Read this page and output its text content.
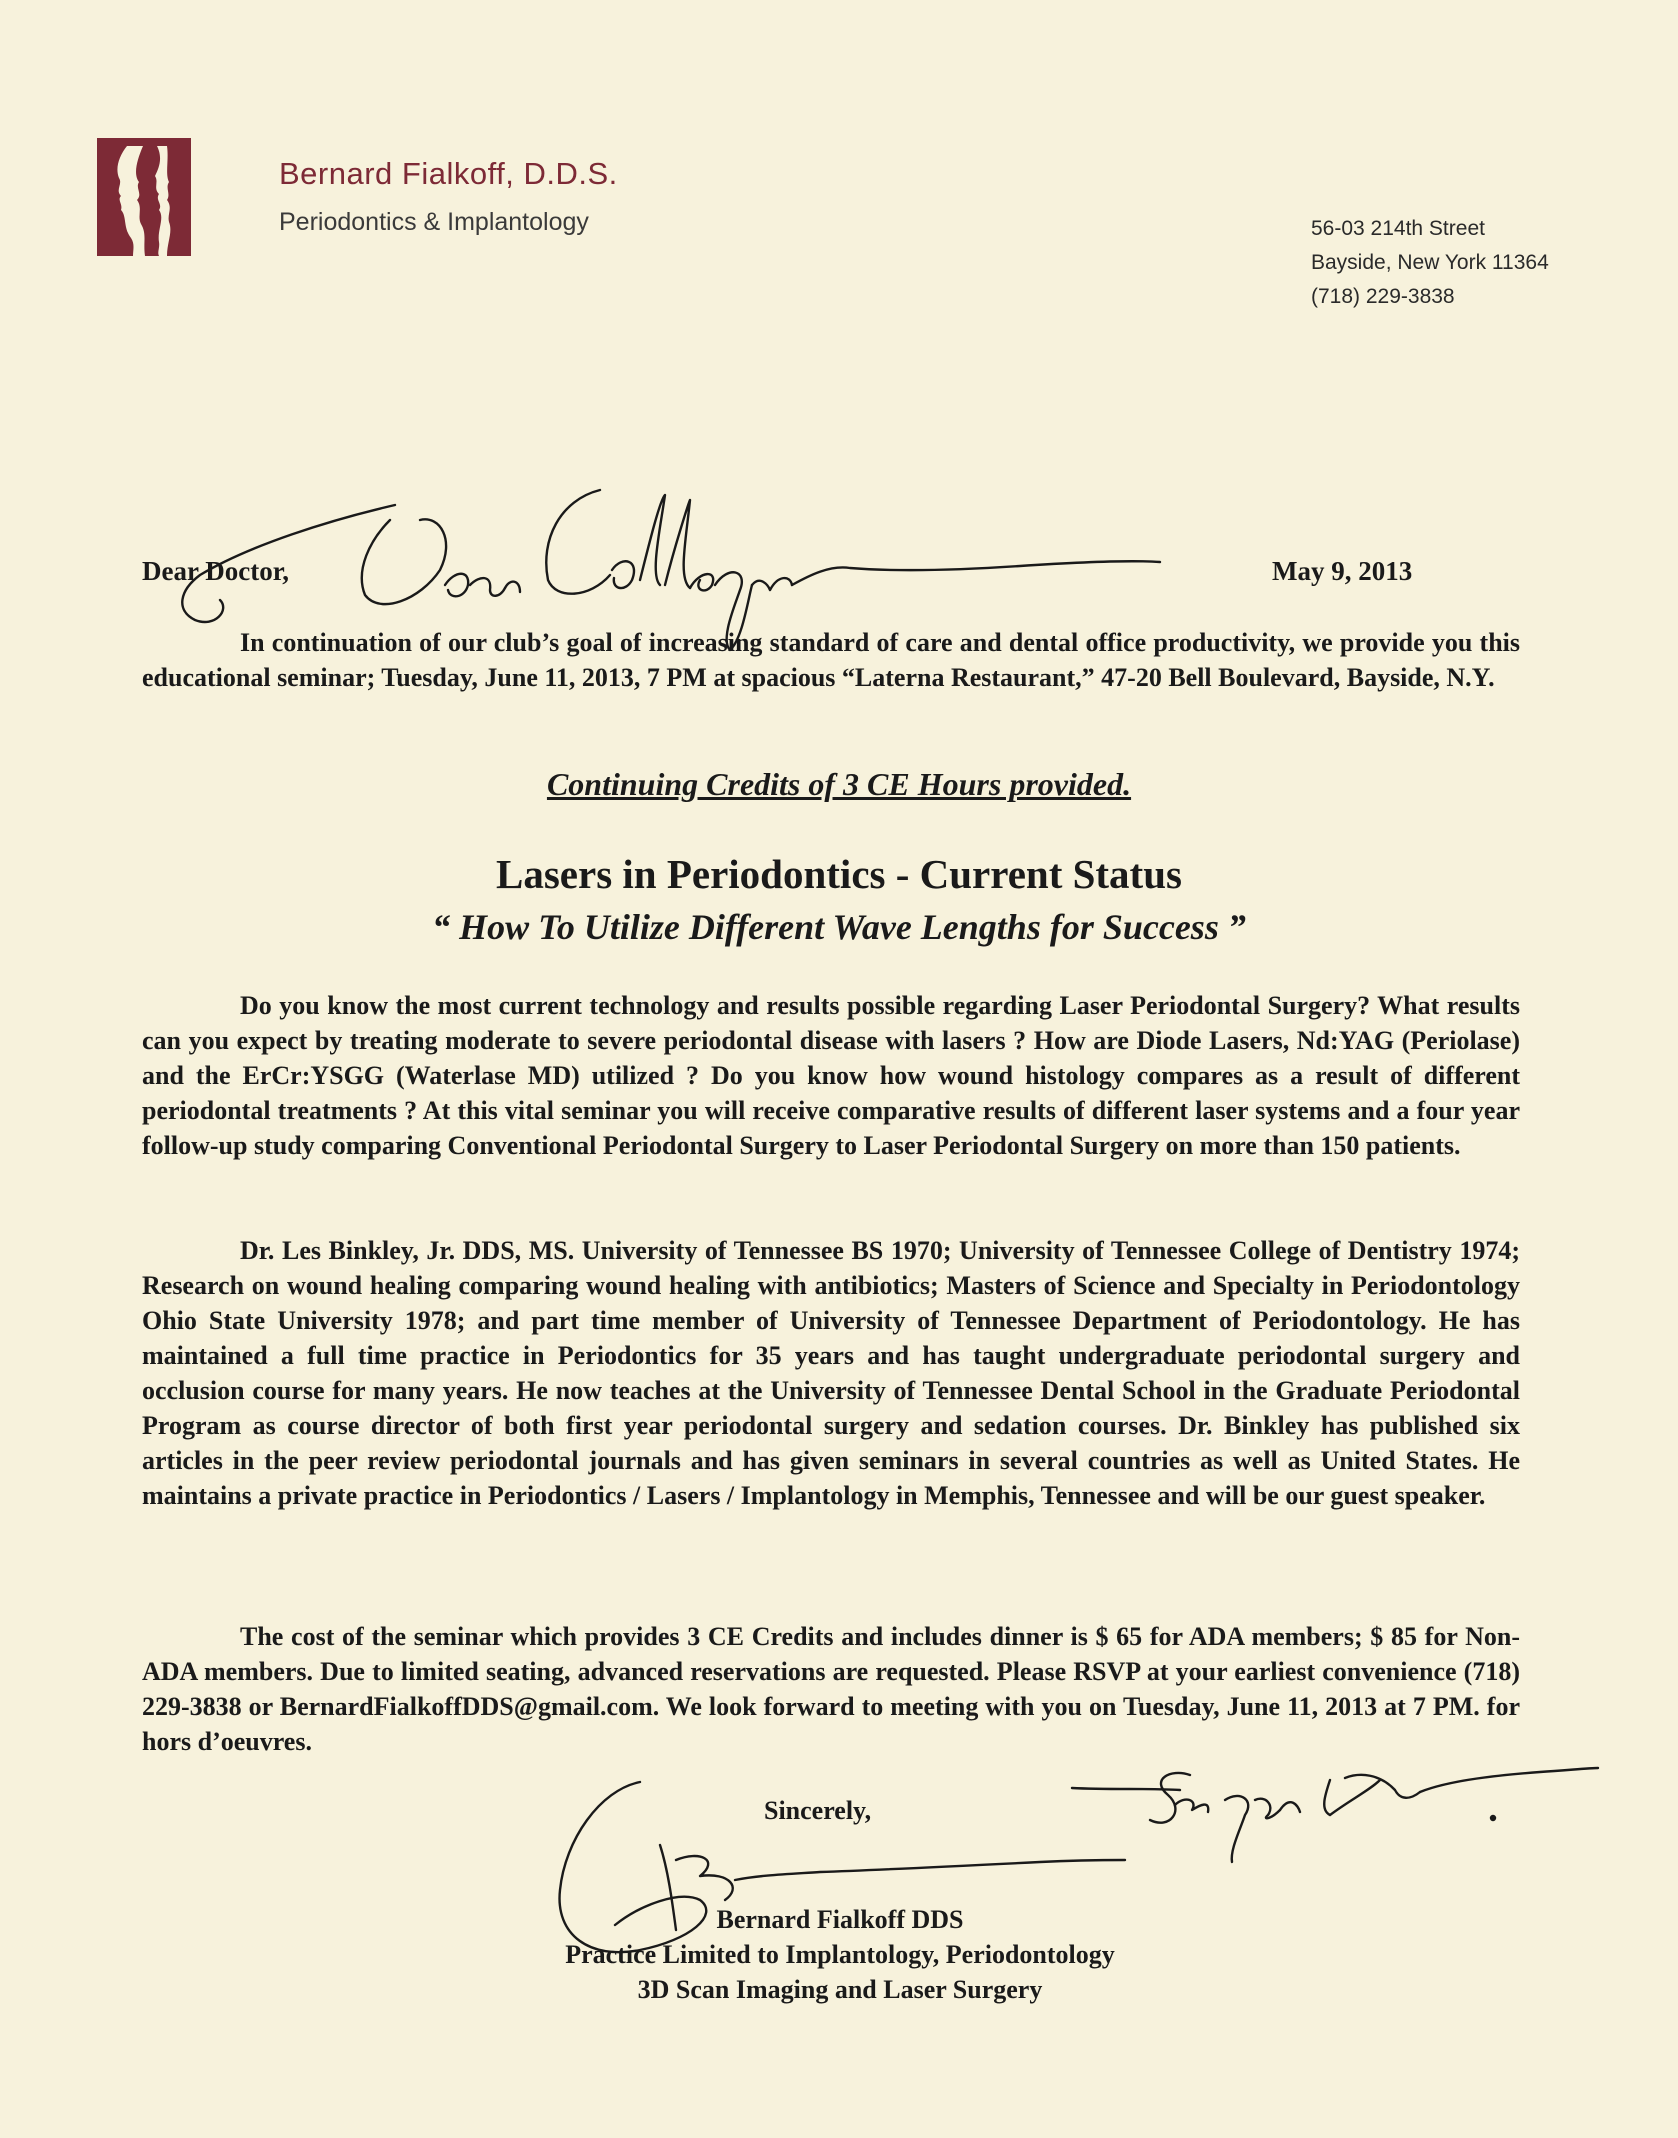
Bernard Fialkoff, D.D.S.
Periodontics & Implantology	56-03 214th Street
Bayside, New York 11364
(718) 229-3838
Dear Doctor,	May 9, 2013
In continuation of our club’s goal of increasing standard of care and dental office productivity, we provide you this educational seminar; Tuesday, June 11, 2013, 7 PM at spacious “Laterna Restaurant,” 47-20 Bell Boulevard, Bayside, N.Y.
Continuing Credits of 3 CE Hours provided.
Lasers in Periodontics - Current Status
“ How To Utilize Different Wave Lengths for Success ”
Do you know the most current technology and results possible regarding Laser Periodontal Surgery? What results can you expect by treating moderate to severe periodontal disease with lasers ? How are Diode Lasers, Nd:YAG (Periolase) and the ErCr:YSGG (Waterlase MD) utilized ? Do you know how wound histology compares as a result of different periodontal treatments ? At this vital seminar you will receive comparative results of different laser systems and a four year follow-up study comparing Conventional Periodontal Surgery to Laser Periodontal Surgery on more than 150 patients.
Dr. Les Binkley, Jr. DDS, MS. University of Tennessee BS 1970; University of Tennessee College of Dentistry 1974; Research on wound healing comparing wound healing with antibiotics; Masters of Science and Specialty in Periodontology Ohio State University 1978; and part time member of University of Tennessee Department of Periodontology. He has maintained a full time practice in Periodontics for 35 years and has taught undergraduate periodontal surgery and occlusion course for many years. He now teaches at the University of Tennessee Dental School in the Graduate Periodontal Program as course director of both first year periodontal surgery and sedation courses. Dr. Binkley has published six articles in the peer review periodontal journals and has given seminars in several countries as well as United States. He maintains a private practice in Periodontics / Lasers / Implantology in Memphis, Tennessee and will be our guest speaker.
The cost of the seminar which provides 3 CE Credits and includes dinner is $ 65 for ADA members; $ 85 for Non-ADA members. Due to limited seating, advanced reservations are requested. Please RSVP at your earliest convenience (718) 229-3838 or BernardFialkoffDDS@gmail.com. We look forward to meeting with you on Tuesday, June 11, 2013 at 7 PM. for hors d’oeuvres.
Sincerely,
Bernard Fialkoff DDS
Practice Limited to Implantology, Periodontology
3D Scan Imaging and Laser Surgery
